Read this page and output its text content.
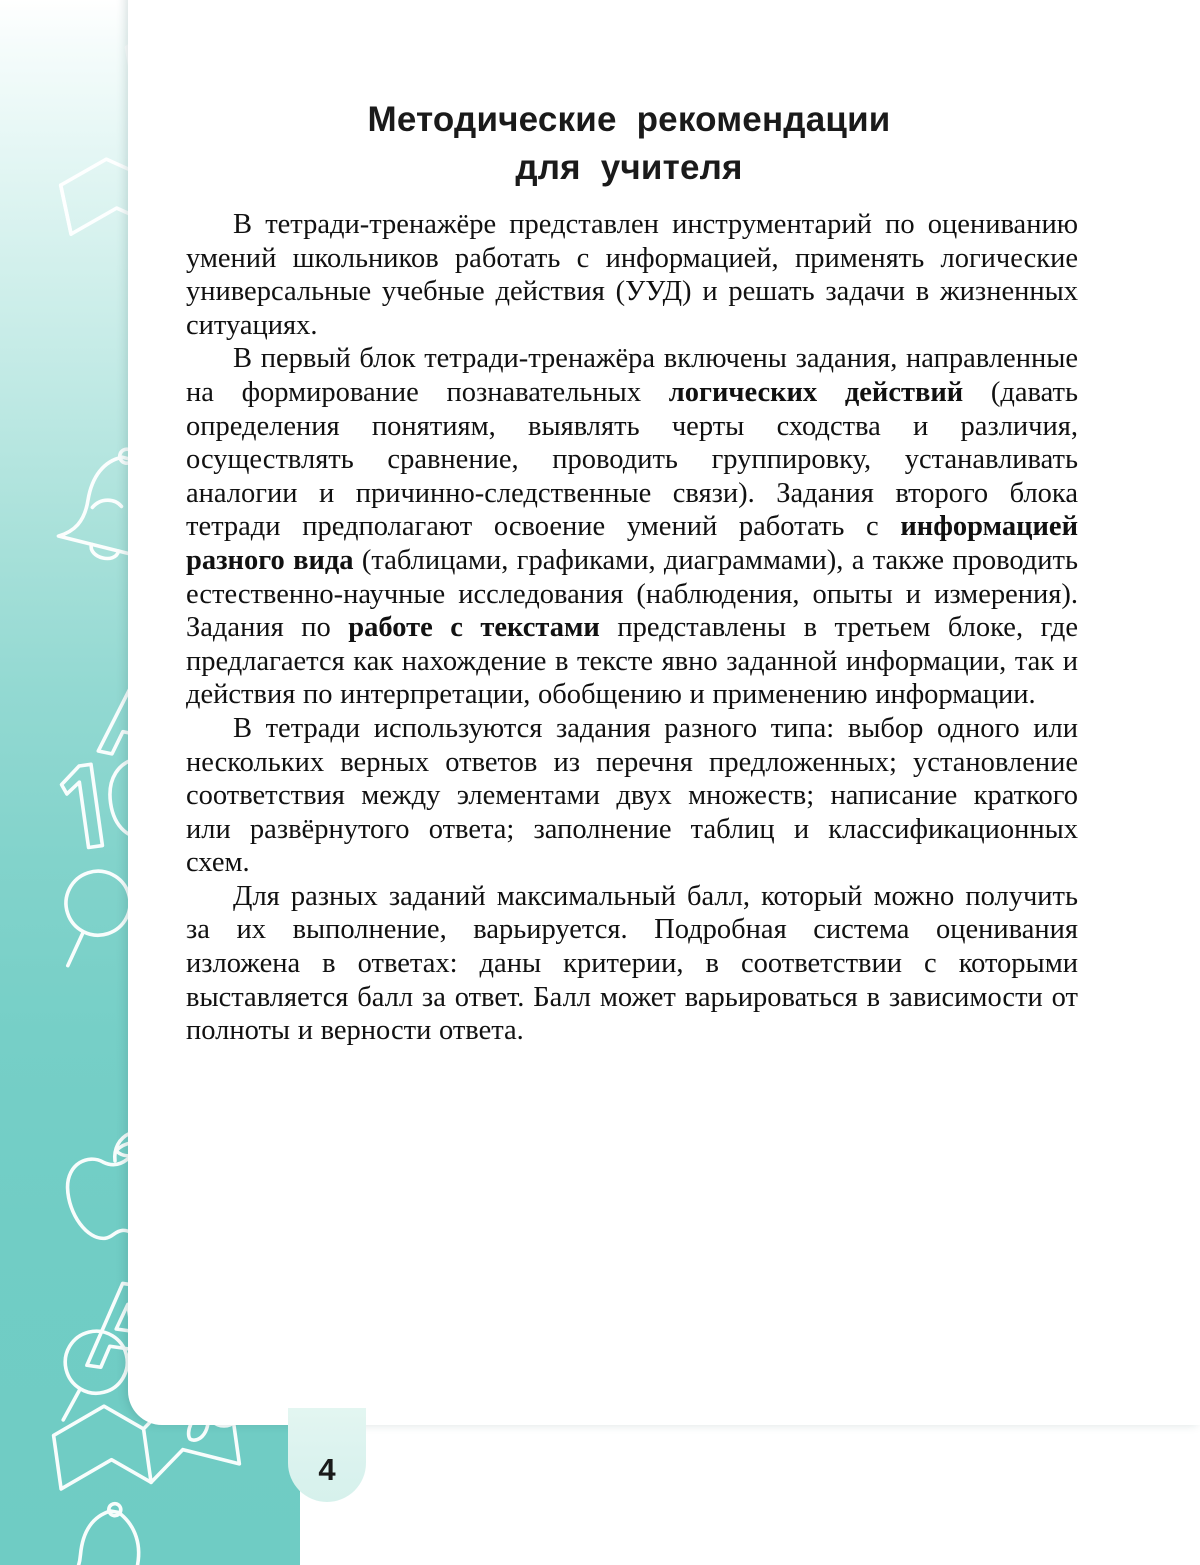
4
Методические рекомендации
для учителя

В тетради-тренажёре представлен инструментарий по оцениванию умений школьников работать с информацией, применять логические универсальные учебные действия (УУД) и решать задачи в жизненных ситуациях.

В первый блок тетради-тренажёра включены задания, направленные на формирование познавательных логических действий (давать определения понятиям, выявлять черты сходства и различия, осуществлять сравнение, проводить группировку, устанавливать аналогии и причинно-следственные связи). Задания второго блока тетради предполагают освоение умений работать с информацией разного вида (таблицами, графиками, диаграммами), а также проводить естественно-научные исследования (наблюдения, опыты и измерения). Задания по работе с текстами представлены в третьем блоке, где предлагается как нахождение в тексте явно заданной информации, так и действия по интерпретации, обобщению и применению информации.

В тетради используются задания разного типа: выбор одного или нескольких верных ответов из перечня предложенных; установление соответствия между элементами двух множеств; написание краткого или развёрнутого ответа; заполнение таблиц и классификационных схем.

Для разных заданий максимальный балл, который можно получить за их выполнение, варьируется. Подробная система оценивания изложена в ответах: даны критерии, в соответствии с которыми выставляется балл за ответ. Балл может варьироваться в зависимости от полноты и верности ответа.
